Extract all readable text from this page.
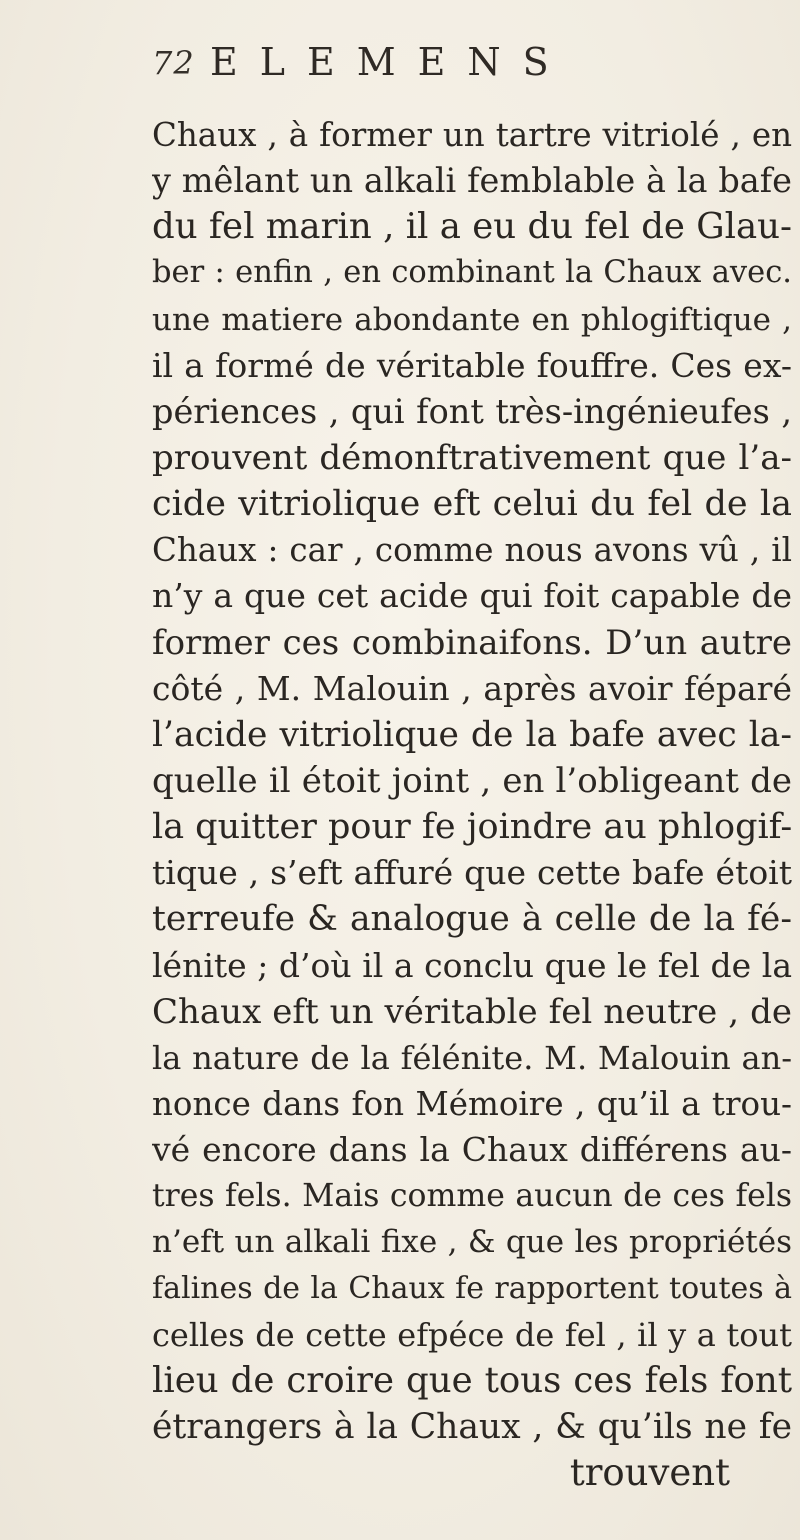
72 ELEMENS
Chaux , à former un tartre vitriolé , en
y mêlant un alkali femblable à la bafe
du fel marin , il a eu du fel de Glau-
ber : enfin , en combinant la Chaux avec.
une matiere abondante en phlogiftique ,
il a formé de véritable fouffre. Ces ex-
périences , qui font très-ingénieufes ,
prouvent démonftrativement que l’a-
cide vitriolique eft celui du fel de la
Chaux : car , comme nous avons vû , il
n’y a que cet acide qui foit capable de
former ces combinaifons. D’un autre
côté , M. Malouin , après avoir féparé
l’acide vitriolique de la bafe avec la-
quelle il étoit joint , en l’obligeant de
la quitter pour fe joindre au phlogif-
tique , s’eft affuré que cette bafe étoit
terreufe & analogue à celle de la fé-
lénite ; d’où il a conclu que le fel de la
Chaux eft un véritable fel neutre , de
la nature de la félénite. M. Malouin an-
nonce dans fon Mémoire , qu’il a trou-
vé encore dans la Chaux différens au-
tres fels. Mais comme aucun de ces fels
n’eft un alkali fixe , & que les propriétés
falines de la Chaux fe rapportent toutes à
celles de cette efpéce de fel , il y a tout
lieu de croire que tous ces fels font
étrangers à la Chaux , & qu’ils ne fe
trouvent
